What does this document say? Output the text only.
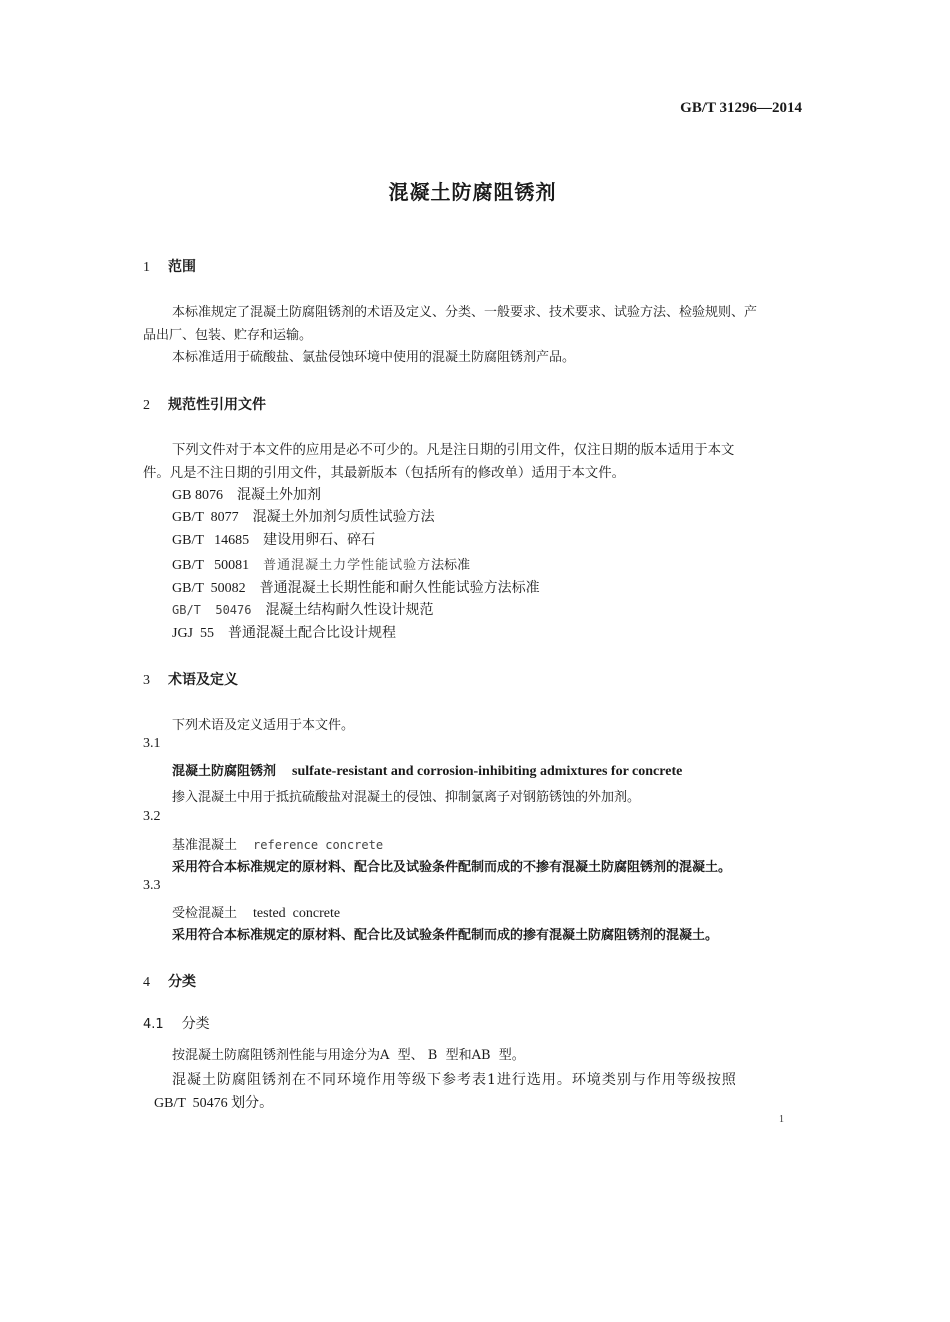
GB/T 31296—2014
混凝土防腐阻锈剂
1 范围
本标准规定了混凝土防腐阻锈剂的术语及定义、分类、一般要求、技术要求、试验方法、检验规则、产
品出厂、包装、贮存和运输。
本标准适用于硫酸盐、氯盐侵蚀环境中使用的混凝土防腐阻锈剂产品。
2 规范性引用文件
下列文件对于本文件的应用是必不可少的。凡是注日期的引用文件，仅注日期的版本适用于本文
件。凡是不注日期的引用文件，其最新版本（包括所有的修改单）适用于本文件。
GB 8076 混凝土外加剂
GB/T  8077 混凝土外加剂匀质性试验方法
GB/T   14685 建设用卵石、碎石
GB/T   50081 普通混凝土力学性能试验方法标准
GB/T  50082 普通混凝土长期性能和耐久性能试验方法标准
GB/T  50476 混凝土结构耐久性设计规范
JGJ  55 普通混凝土配合比设计规程
3 术语及定义
下列术语及定义适用于本文件。
3.1
混凝土防腐阻锈剂 sulfate-resistant and corrosion-inhibiting admixtures for concrete
掺入混凝土中用于抵抗硫酸盐对混凝土的侵蚀、抑制氯离子对钢筋锈蚀的外加剂。
3.2
基准混凝土 reference concrete
采用符合本标准规定的原材料、配合比及试验条件配制而成的不掺有混凝土防腐阻锈剂的混凝土。
3.3
受检混凝土 tested  concrete
采用符合本标准规定的原材料、配合比及试验条件配制而成的掺有混凝土防腐阻锈剂的混凝土。
4 分类
4.1 分类
按混凝土防腐阻锈剂性能与用途分为A  型、 B  型和AB  型。
混凝土防腐阻锈剂在不同环境作用等级下参考表1进行选用。环境类别与作用等级按照
GB/T  50476 划分。
1
